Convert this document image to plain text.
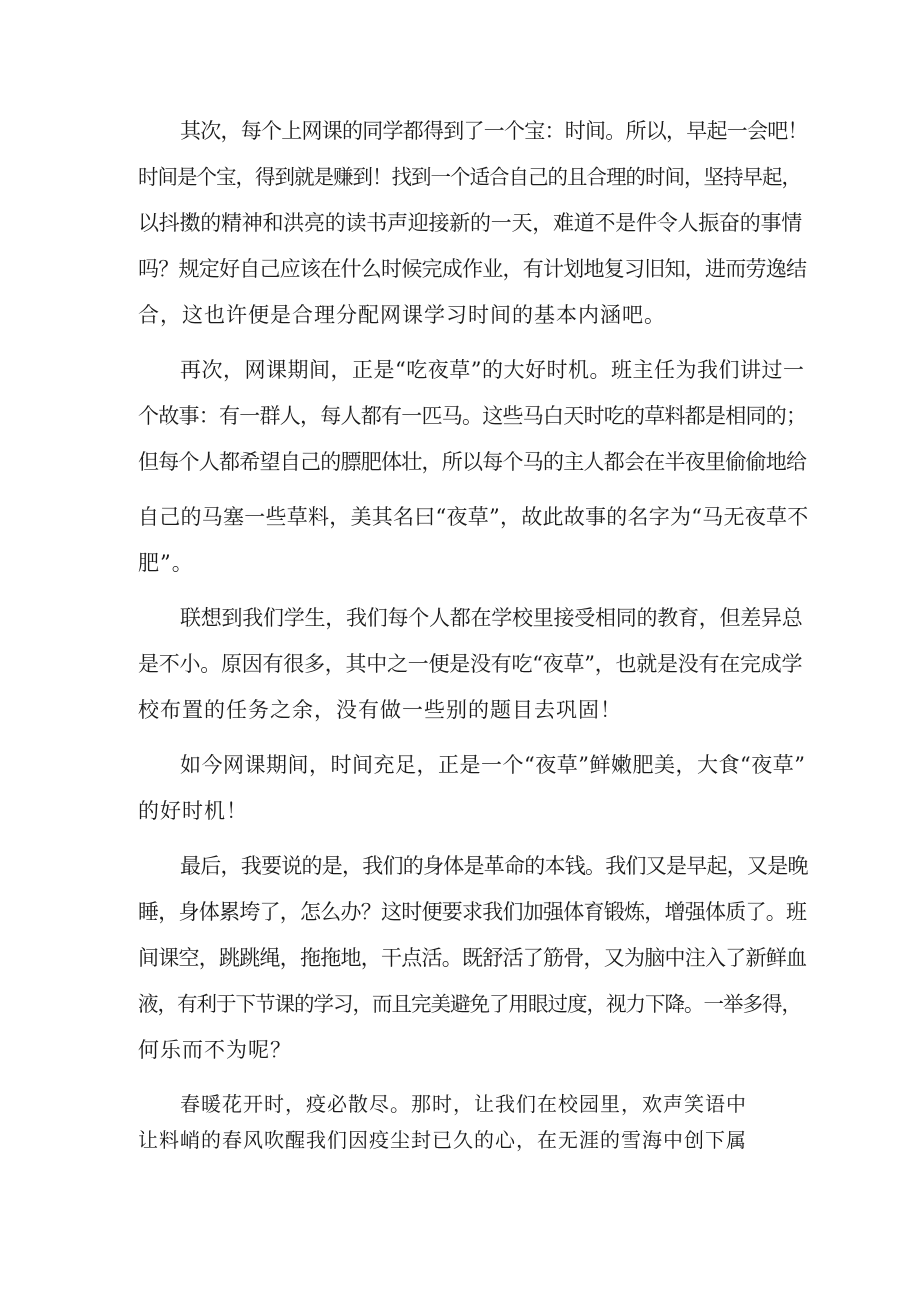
其次，每个上网课的同学都得到了一个宝：时间。所以，早起一会吧！
时间是个宝，得到就是赚到！找到一个适合自己的且合理的时间，坚持早起，
以抖擞的精神和洪亮的读书声迎接新的一天，难道不是件令人振奋的事情
吗？规定好自己应该在什么时候完成作业，有计划地复习旧知，进而劳逸结
合，这也许便是合理分配网课学习时间的基本内涵吧。
再次，网课期间，正是“吃夜草”的大好时机。班主任为我们讲过一
个故事：有一群人，每人都有一匹马。这些马白天时吃的草料都是相同的；
但每个人都希望自己的膘肥体壮，所以每个马的主人都会在半夜里偷偷地给
自己的马塞一些草料，美其名曰“夜草”，故此故事的名字为“马无夜草不
肥”。
联想到我们学生，我们每个人都在学校里接受相同的教育，但差异总
是不小。原因有很多，其中之一便是没有吃“夜草”，也就是没有在完成学
校布置的任务之余，没有做一些别的题目去巩固！
如今网课期间，时间充足，正是一个“夜草”鲜嫩肥美，大食“夜草”
的好时机！
最后，我要说的是，我们的身体是革命的本钱。我们又是早起，又是晚
睡，身体累垮了，怎么办？这时便要求我们加强体育锻炼，增强体质了。班
间课空，跳跳绳，拖拖地，干点活。既舒活了筋骨，又为脑中注入了新鲜血
液，有利于下节课的学习，而且完美避免了用眼过度，视力下降。一举多得，
何乐而不为呢？
春暖花开时，疫必散尽。那时，让我们在校园里，欢声笑语中
让料峭的春风吹醒我们因疫尘封已久的心，在无涯的雪海中创下属
